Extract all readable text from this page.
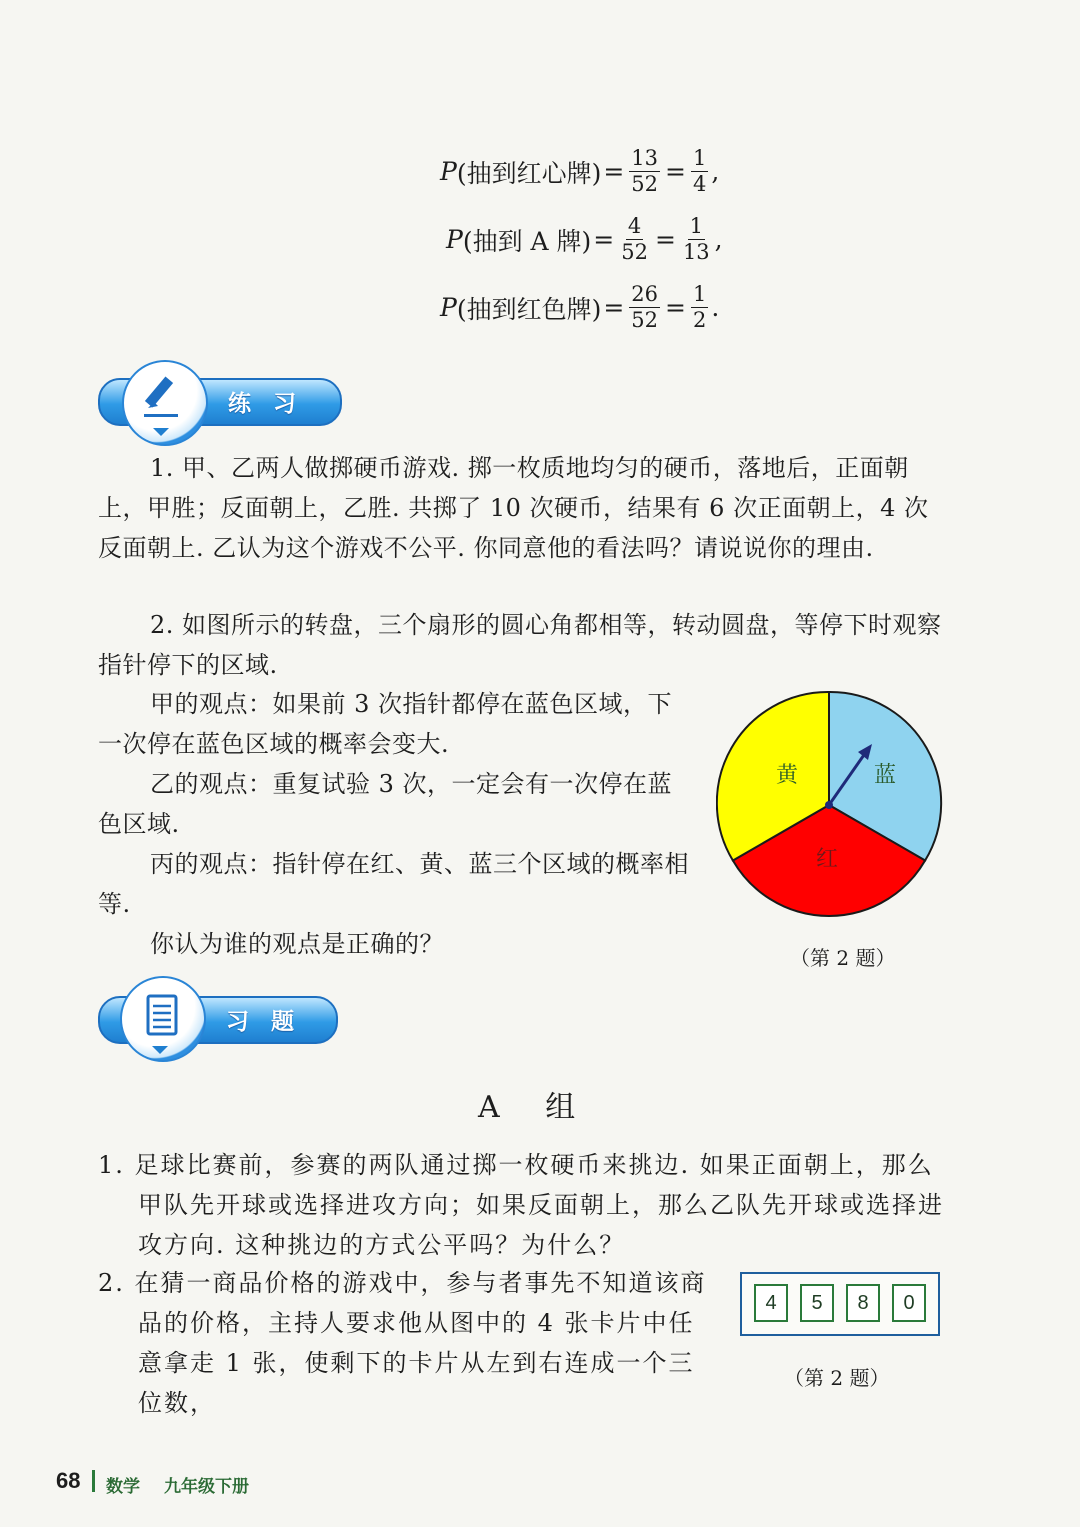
P (抽到红心牌) = $\frac{13}{52} = \frac{1}{4}$ ,
P (抽到 A 牌) = $\frac{4}{52} = \frac{1}{13}$ ,
P (抽到红色牌) = $\frac{26}{52} = \frac{1}{2}$ .
练习

1. 甲、乙两人做掷硬币游戏. 掷一枚质地均匀的硬币，落地后，正面朝上，甲胜；反面朝上，乙胜. 共掷了 10 次硬币，结果有 6 次正面朝上，4 次反面朝上. 乙认为这个游戏不公平. 你同意他的看法吗？请说说你的理由.

2. 如图所示的转盘，三个扇形的圆心角都相等，转动圆盘，等停下时观察指针停下的区域.

甲的观点：如果前 3 次指针都停在蓝色区域，下一次停在蓝色区域的概率会变大.

乙的观点：重复试验 3 次，一定会有一次停在蓝色区域.

丙的观点：指针停在红、黄、蓝三个区域的概率相等.

你认为谁的观点是正确的？

黄	蓝
红
（第 2 题）
习题
A 组
1. 足球比赛前，参赛的两队通过掷一枚硬币来挑边. 如果正面朝上，那么甲队先开球或选择进攻方向；如果反面朝上，那么乙队先开球或选择进攻方向. 这种挑边的方式公平吗？为什么？
2. 在猜一商品价格的游戏中，参与者事先不知道该商品的价格，主持人要求他从图中的 4 张卡片中任意拿走 1 张，使剩下的卡片从左到右连成一个三位数，
4	5	8	0
（第 2 题）
68 数学 九年级下册
